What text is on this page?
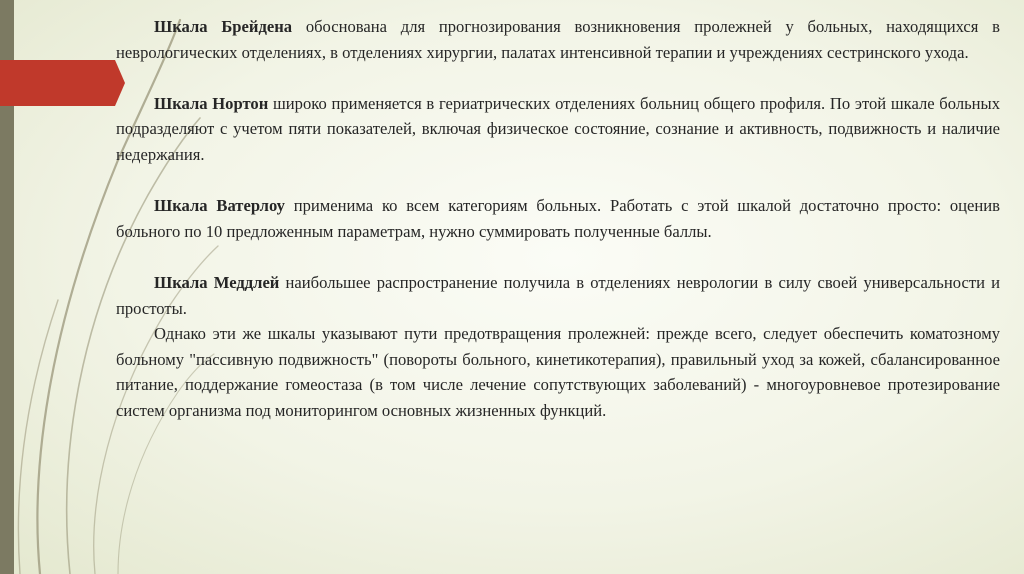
Шкала Брейдена обоснована для прогнозирования возникновения пролежней у больных, находящихся в неврологических отделениях, в отделениях хирургии, палатах интенсивной терапии и учреждениях сестринского ухода.

Шкала Нортон широко применяется в гериатрических отделениях больниц общего профиля. По этой шкале больных подразделяют с учетом пяти показателей, включая физическое состояние, сознание и активность, подвижность и наличие недержания.

Шкала Ватерлоу применима ко всем категориям больных. Работать с этой шкалой достаточно просто: оценив больного по 10 предложенным параметрам, нужно суммировать полученные баллы.

Шкала Меддлей наибольшее распространение получила в отделениях неврологии в силу своей универсальности и простоты.

Однако эти же шкалы указывают пути предотвращения пролежней: прежде всего, следует обеспечить коматозному больному "пассивную подвижность" (повороты больного, кинетикотерапия), правильный уход за кожей, сбалансированное питание, поддержание гомеостаза (в том числе лечение сопутствующих заболеваний) - многоуровневое протезирование систем организма под мониторингом основных жизненных функций.
